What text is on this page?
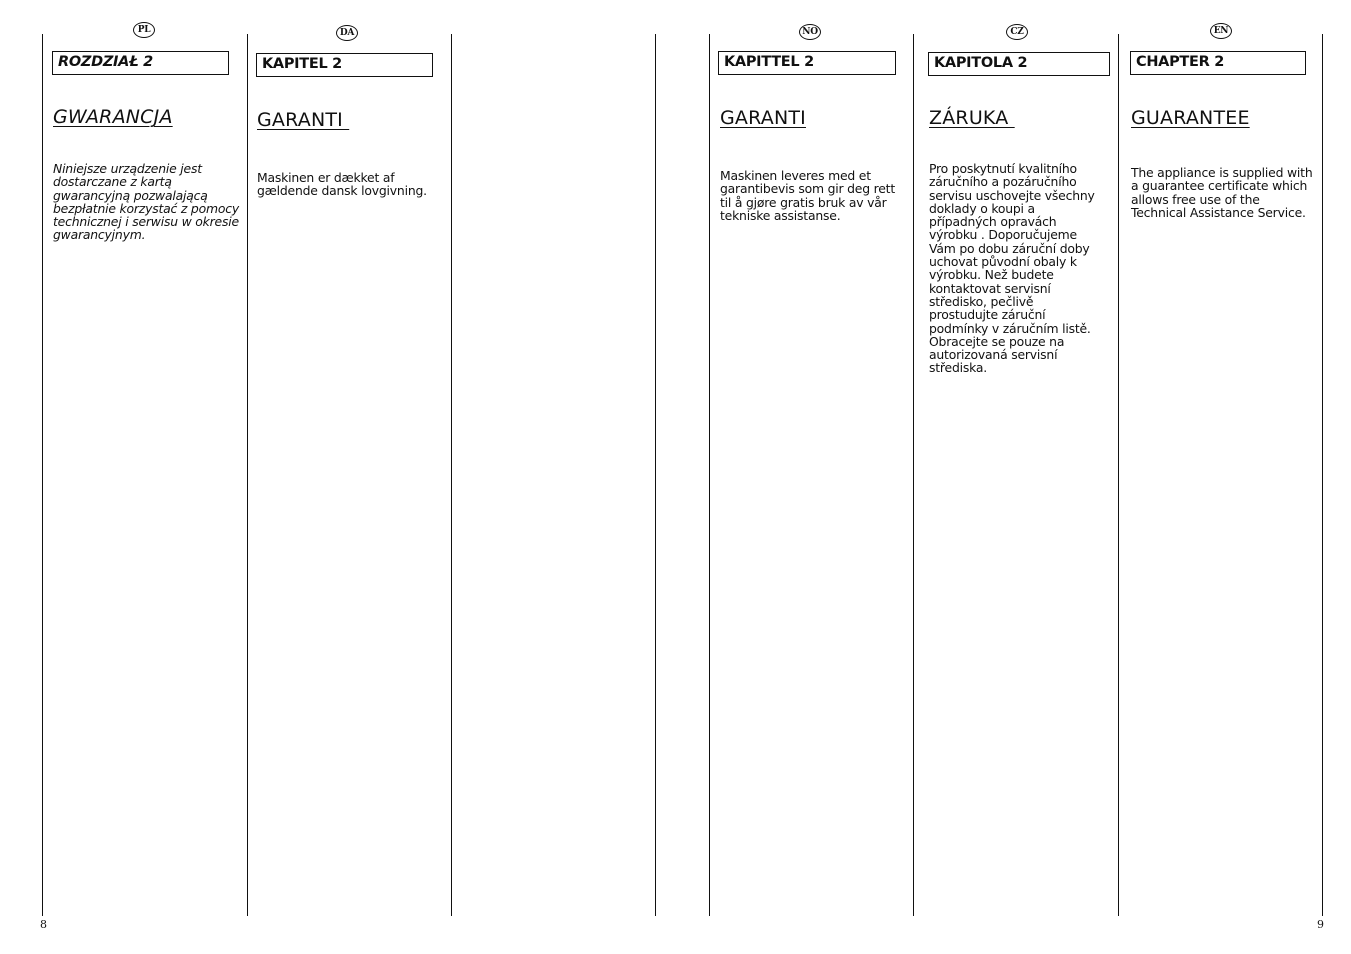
PL
ROZDZIAŁ 2
GWARANCJA
Niniejsze urządzenie jest dostarczane z kartą gwarancyjną pozwalającą bezpłatnie korzystać z pomocy technicznej i serwisu w okresie gwarancyjnym.
DA
KAPITEL 2
GARANTI
Maskinen er dækket af gældende dansk lovgivning.
8
NO
KAPITTEL 2
GARANTI
Maskinen leveres med et garantibevis som gir deg rett til å gjøre gratis bruk av vår tekniske assistanse.
CZ
KAPITOLA 2
ZÁRUKA
Pro poskytnutí kvalitního záručního a pozáručního servisu uschovejte všechny doklady o koupi a případných opravách výrobku . Doporučujeme Vám po dobu záruční doby uchovat původní obaly k výrobku. Než budete kontaktovat servisní středisko, pečlivě prostudujte záruční podmínky v záručním listě. Obracejte se pouze na autorizovaná servisní střediska.
EN
CHAPTER 2
GUARANTEE
The appliance is supplied with a guarantee certificate which allows free use of the Technical Assistance Service.
9
